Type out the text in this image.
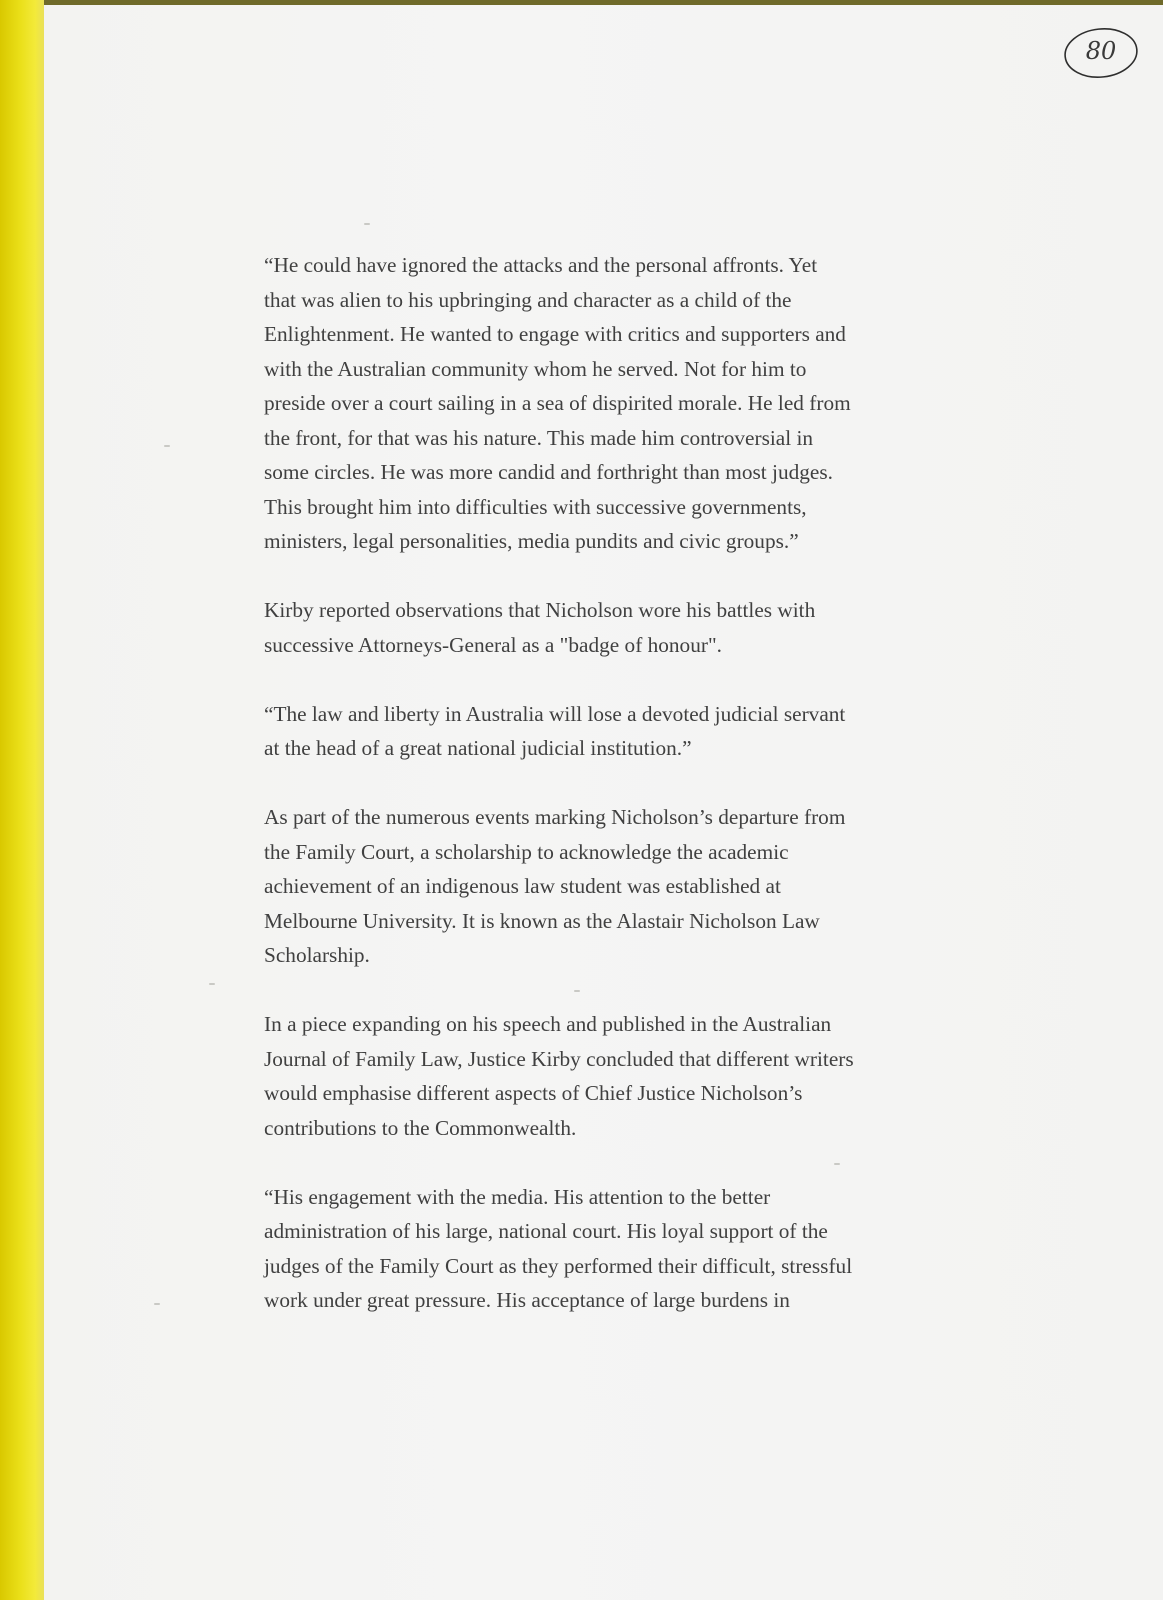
80

“He could have ignored the attacks and the personal affronts. Yet
that was alien to his upbringing and character as a child of the
Enlightenment. He wanted to engage with critics and supporters and
with the Australian community whom he served. Not for him to
preside over a court sailing in a sea of dispirited morale. He led from
the front, for that was his nature. This made him controversial in
some circles. He was more candid and forthright than most judges.
This brought him into difficulties with successive governments,
ministers, legal personalities, media pundits and civic groups.”

Kirby reported observations that Nicholson wore his battles with
successive Attorneys-General as a "badge of honour".

“The law and liberty in Australia will lose a devoted judicial servant
at the head of a great national judicial institution.”

As part of the numerous events marking Nicholson’s departure from
the Family Court, a scholarship to acknowledge the academic
achievement of an indigenous law student was established at
Melbourne University. It is known as the Alastair Nicholson Law
Scholarship.

In a piece expanding on his speech and published in the Australian
Journal of Family Law, Justice Kirby concluded that different writers
would emphasise different aspects of Chief Justice Nicholson’s
contributions to the Commonwealth.

“His engagement with the media. His attention to the better
administration of his large, national court. His loyal support of the
judges of the Family Court as they performed their difficult, stressful
work under great pressure. His acceptance of large burdens in
